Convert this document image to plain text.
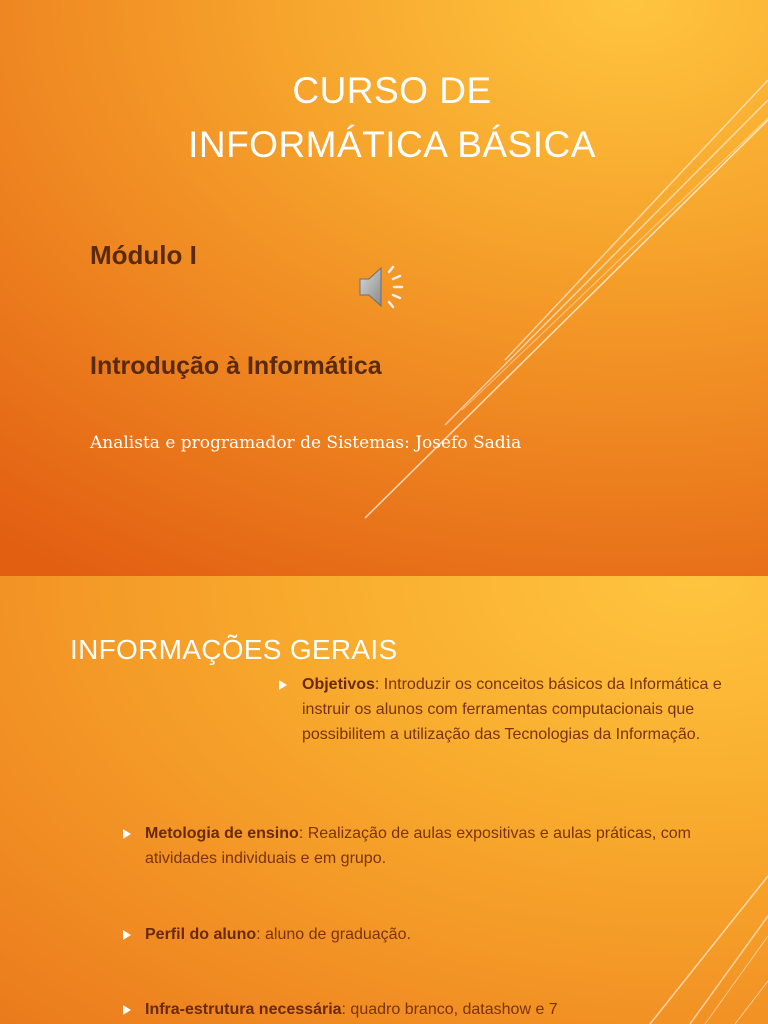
CURSO DE
INFORMÁTICA BÁSICA
Módulo I
Introdução à Informática
Analista e programador de Sistemas: Josefo Sadia
INFORMAÇÕES GERAIS
Objetivos: Introduzir os conceitos básicos da Informática e instruir os alunos com ferramentas computacionais que possibilitem a utilização das Tecnologias da Informação.
Metologia de ensino: Realização de aulas expositivas e aulas práticas, com atividades individuais e em grupo.
Perfil do aluno: aluno de graduação.
Infra-estrutura necessária: quadro branco, datashow e 7
